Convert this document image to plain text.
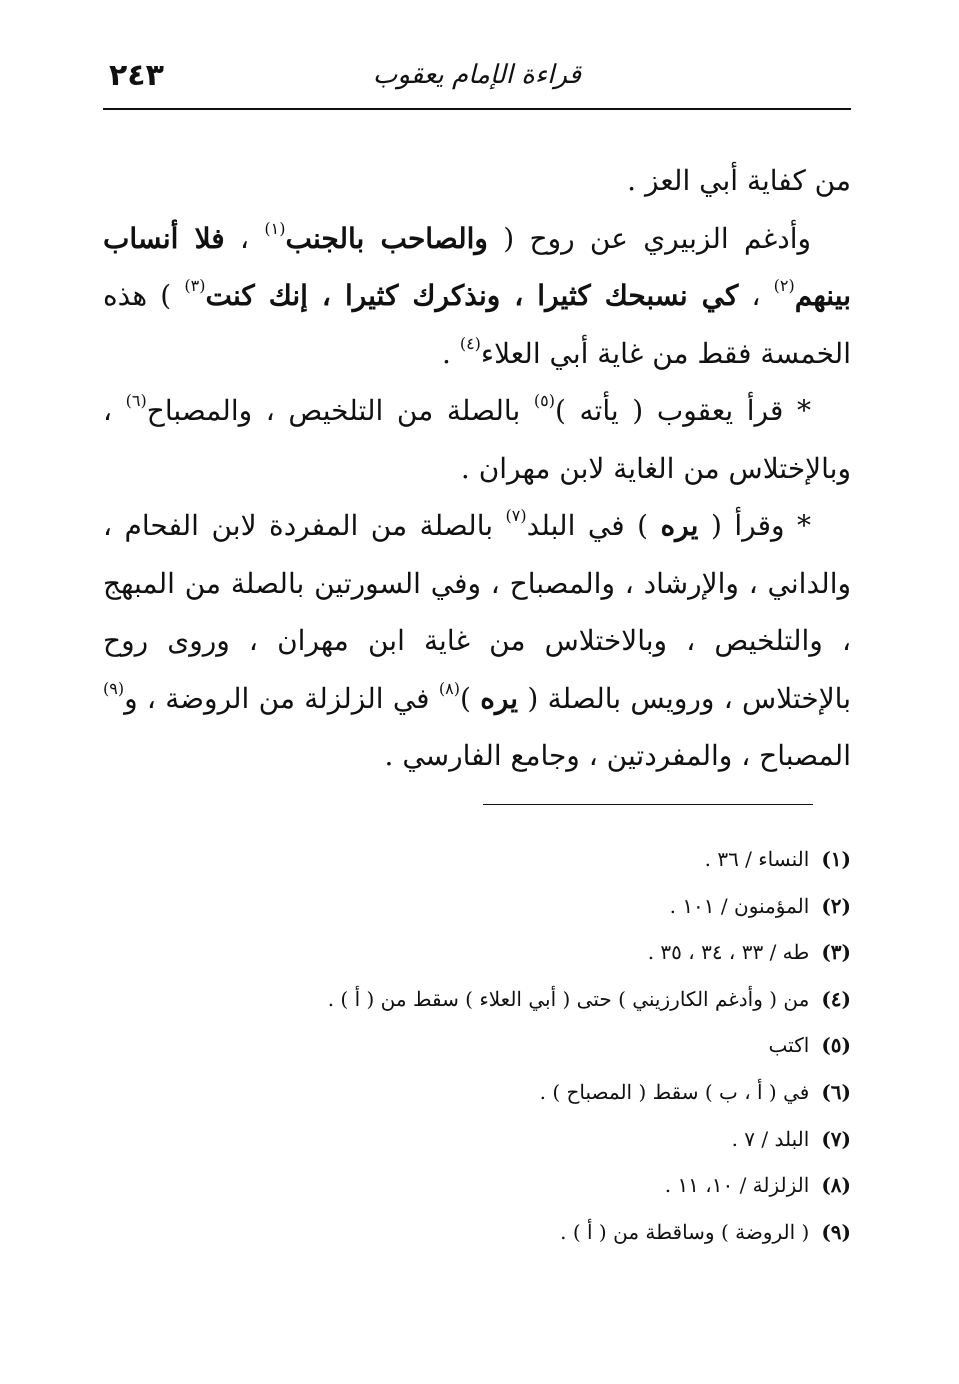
قراءة الإمام يعقوب
٢٤٣

من كفاية أبي العز .

وأدغم الزبيري عن روح ( والصاحب بالجنب$^{(١)}$ ، فلا أنساب بينهم$^{(٢)}$ ، كي نسبحك كثيرا ، ونذكرك كثيرا ، إنك كنت$^{(٣)}$ ) هذه الخمسة فقط من غاية أبي العلاء$^{(٤)}$ .

* قرأ يعقوب ( يأته )$^{(٥)}$ بالصلة من التلخيص ، والمصباح$^{(٦)}$ ، وبالإختلاس من الغاية لابن مهران .

* وقرأ ( يره ) في البلد$^{(٧)}$ بالصلة من المفردة لابن الفحام ، والداني ، والإرشاد ، والمصباح ، وفي السورتين بالصلة من المبهج ، والتلخيص ، وبالاختلاس من غاية ابن مهران ، وروى روح بالإختلاس ، ورويس بالصلة ( يره )$^{(٨)}$ في الزلزلة من الروضة ، و$^{(٩)}$ المصباح ، والمفردتين ، وجامع الفارسي .

(١)
النساء / ٣٦ .
(٢)
المؤمنون / ١٠١ .
(٣)
طه / ٣٣ ، ٣٤ ، ٣٥ .
(٤)
من ( وأدغم الكارزيني ) حتى ( أبي العلاء ) سقط من ( أ ) .
(٥)
اكتب
(٦)
في ( أ ، ب ) سقط ( المصباح ) .
(٧)
البلد / ٧ .
(٨)
الزلزلة / ١٠، ١١ .
(٩)
( الروضة ) وساقطة من ( أ ) .
